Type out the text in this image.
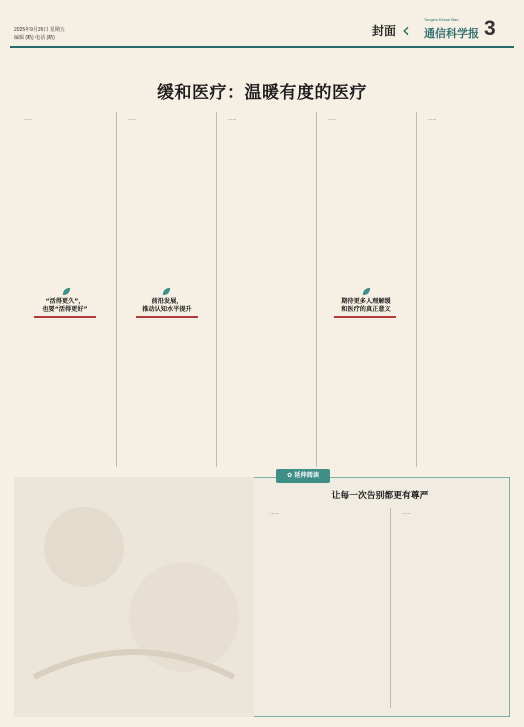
2025年9月26日 星期五
编辑 (略) 电话 (略)	封面 ‹	Tongxin Kexue Bao
通信科学报 3
缓和医疗：温暖有度的医疗

……	……	……	……	……

“活得更久”，
也要“活得更好”
前沿发展，
推动认知水平提升
期待更多人理解缓
和医疗的真正意义
✿ 延伸阅读
让每一次告别都更有尊严

……	……
